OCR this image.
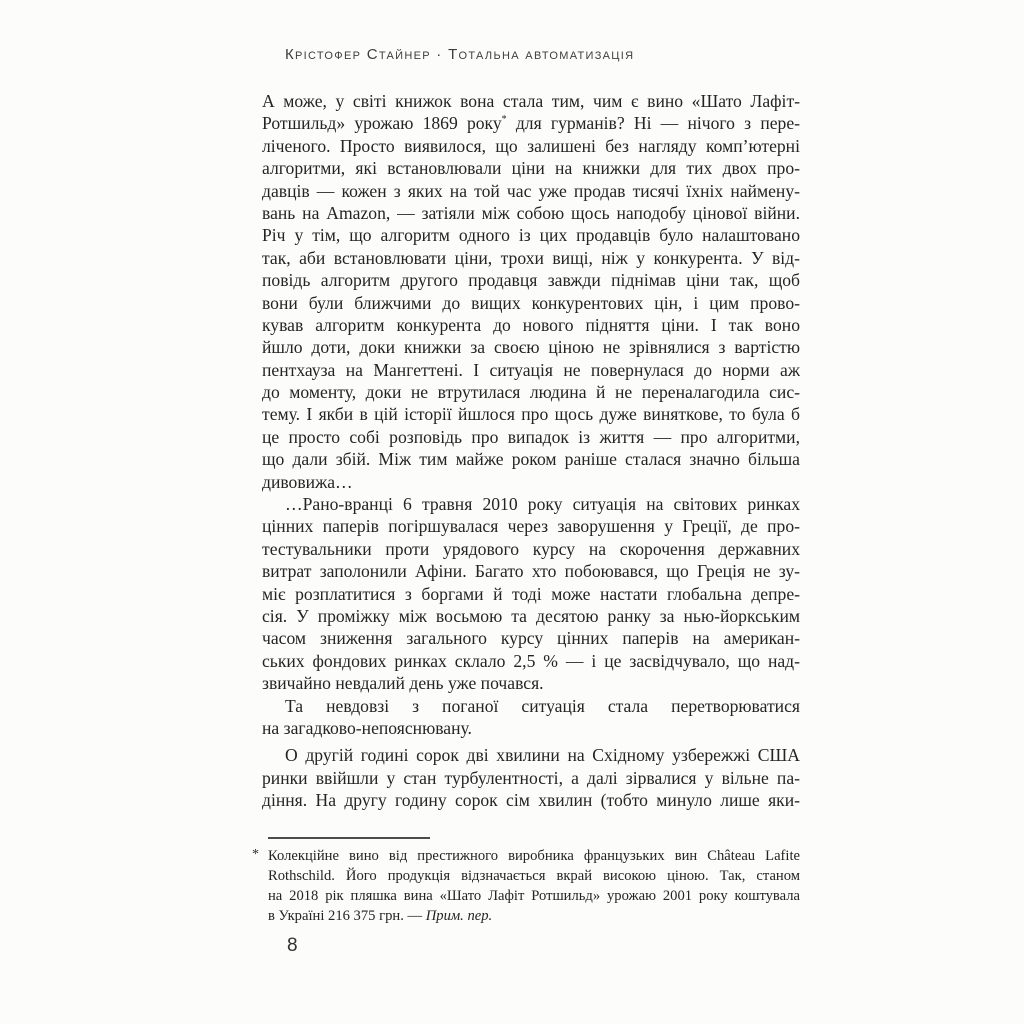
Крістофер Стайнер · Тотальна автоматизація
А може, у світі книжок вона стала тим, чим є вино «Шато Лафіт-
Ротшильд» урожаю 1869 року* для гурманів? Ні — нічого з пере-
ліченого. Просто виявилося, що залишені без нагляду комп’ютерні
алгоритми, які встановлювали ціни на книжки для тих двох про-
давців — кожен з яких на той час уже продав тисячі їхніх наймену-
вань на Amazon, — затіяли між собою щось наподобу цінової війни.
Річ у тім, що алгоритм одного із цих продавців було налаштовано
так, аби встановлювати ціни, трохи вищі, ніж у конкурента. У від-
повідь алгоритм другого продавця завжди піднімав ціни так, щоб
вони були ближчими до вищих конкурентових цін, і цим прово-
кував алгоритм конкурента до нового підняття ціни. І так воно
йшло доти, доки книжки за своєю ціною не зрівнялися з вартістю
пентхауза на Мангеттені. І ситуація не повернулася до норми аж
до моменту, доки не втрутилася людина й не переналагодила сис-
тему. І якби в цій історії йшлося про щось дуже виняткове, то була б
це просто собі розповідь про випадок із життя — про алгоритми,
що дали збій. Між тим майже роком раніше сталася значно більша
дивовижа…
…Рано-вранці 6 травня 2010 року ситуація на світових ринках
цінних паперів погіршувалася через заворушення у Греції, де про-
тестувальники проти урядового курсу на скорочення державних
витрат заполонили Афіни. Багато хто побоювався, що Греція не зу-
міє розплатитися з боргами й тоді може настати глобальна депре-
сія. У проміжку між восьмою та десятою ранку за нью-йоркським
часом зниження загального курсу цінних паперів на американ-
ських фондових ринках склало 2,5 % — і це засвідчувало, що над-
звичайно невдалий день уже почався.
Та невдовзі з поганої ситуація стала перетворюватися
на загадково-непояснювану.
О другій годині сорок дві хвилини на Східному узбережжі США
ринки ввійшли у стан турбулентності, а далі зірвалися у вільне па-
діння. На другу годину сорок сім хвилин (тобто минуло лише яки-
* Колекційне вино від престижного виробника французьких вин Château Lafite
Rothschild. Його продукція відзначається вкрай високою ціною. Так, станом
на 2018 рік пляшка вина «Шато Лафіт Ротшильд» урожаю 2001 року коштувала
в Україні 216 375 грн. — Прим. пер.
8
